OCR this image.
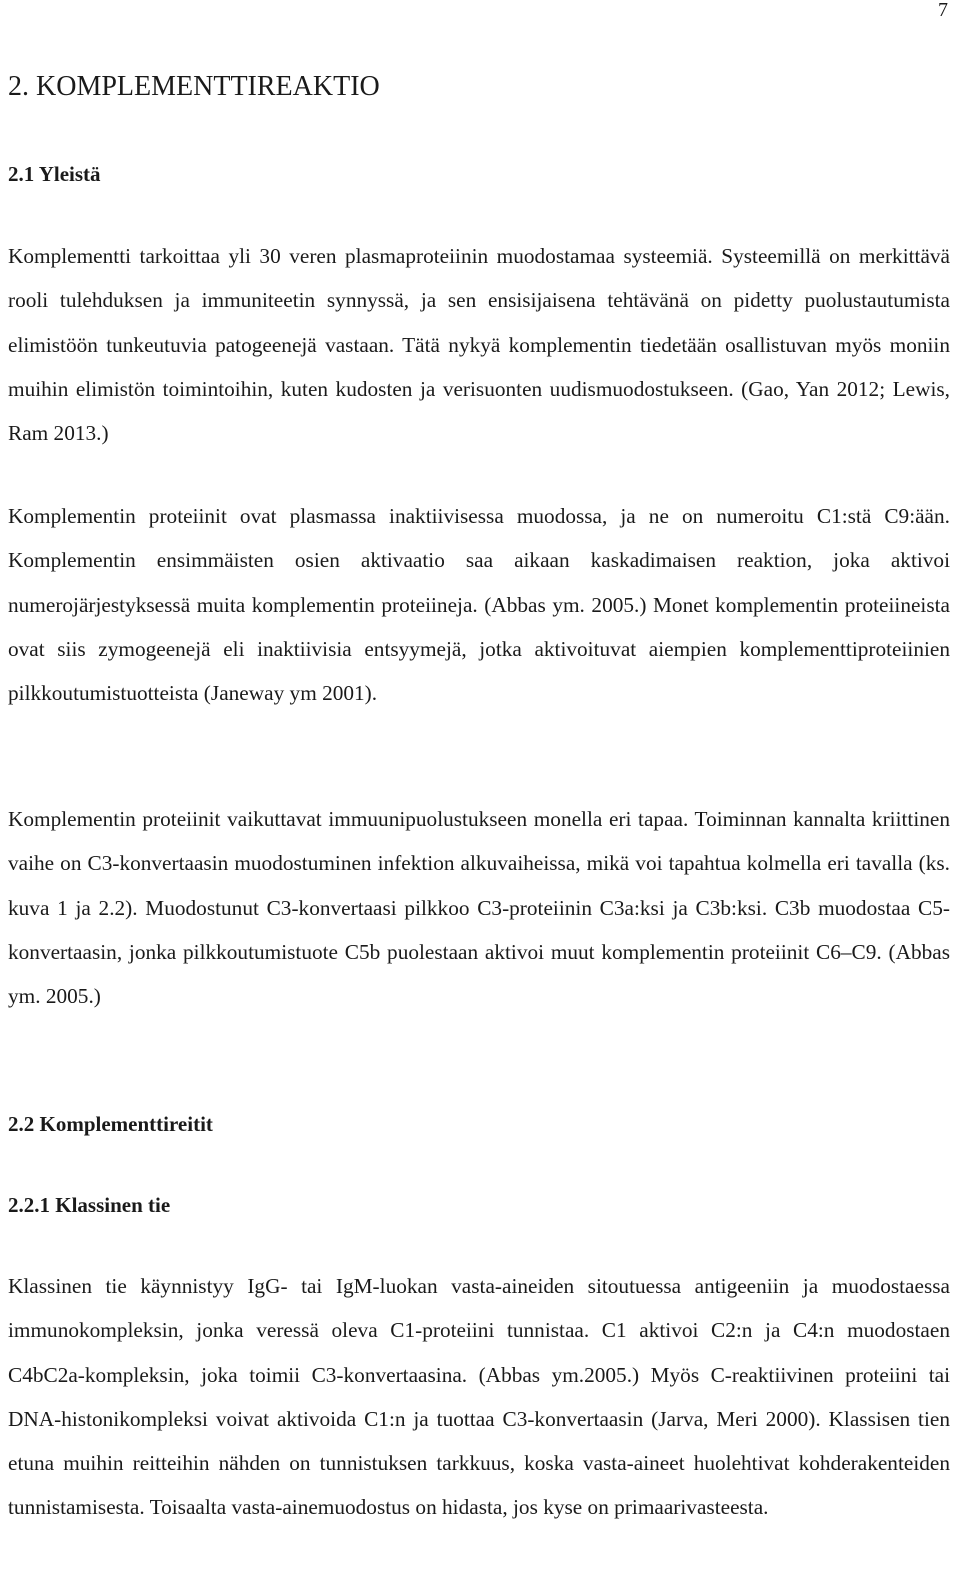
7
2. KOMPLEMENTTIREAKTIO
2.1 Yleistä

Komplementti tarkoittaa yli 30 veren plasmaproteiinin muodostamaa systeemiä. Systeemillä on merkittävä rooli tulehduksen ja immuniteetin synnyssä, ja sen ensisijaisena tehtävänä on pidetty puolustautumista elimistöön tunkeutuvia patogeenejä vastaan. Tätä nykyä komplementin tiedetään osallistuvan myös moniin muihin elimistön toimintoihin, kuten kudosten ja verisuonten uudismuodostukseen. (Gao, Yan 2012; Lewis, Ram 2013.)

Komplementin proteiinit ovat plasmassa inaktiivisessa muodossa, ja ne on numeroitu C1:stä C9:ään. Komplementin ensimmäisten osien aktivaatio saa aikaan kaskadimaisen reaktion, joka aktivoi numerojärjestyksessä muita komplementin proteiineja. (Abbas ym. 2005.) Monet komplementin proteiineista ovat siis zymogeenejä eli inaktiivisia entsyymejä, jotka aktivoituvat aiempien komplementtiproteiinien pilkkoutumistuotteista (Janeway ym 2001).

Komplementin proteiinit vaikuttavat immuunipuolustukseen monella eri tapaa. Toiminnan kannalta kriittinen vaihe on C3-konvertaasin muodostuminen infektion alkuvaiheissa, mikä voi tapahtua kolmella eri tavalla (ks. kuva 1 ja 2.2). Muodostunut C3-konvertaasi pilkkoo C3-proteiinin C3a:ksi ja C3b:ksi. C3b muodostaa C5-konvertaasin, jonka pilkkoutumistuote C5b puolestaan aktivoi muut komplementin proteiinit C6–C9. (Abbas ym. 2005.)

2.2 Komplementtireitit
2.2.1 Klassinen tie

Klassinen tie käynnistyy IgG- tai IgM-luokan vasta-aineiden sitoutuessa antigeeniin ja muodostaessa immunokompleksin, jonka veressä oleva C1-proteiini tunnistaa. C1 aktivoi C2:n ja C4:n muodostaen C4bC2a-kompleksin, joka toimii C3-konvertaasina. (Abbas ym.2005.) Myös C-reaktiivinen proteiini tai DNA-histonikompleksi voivat aktivoida C1:n ja tuottaa C3-konvertaasin (Jarva, Meri 2000). Klassisen tien etuna muihin reitteihin nähden on tunnistuksen tarkkuus, koska vasta-aineet huolehtivat kohderakenteiden tunnistamisesta. Toisaalta vasta-ainemuodostus on hidasta, jos kyse on primaarivasteesta.
